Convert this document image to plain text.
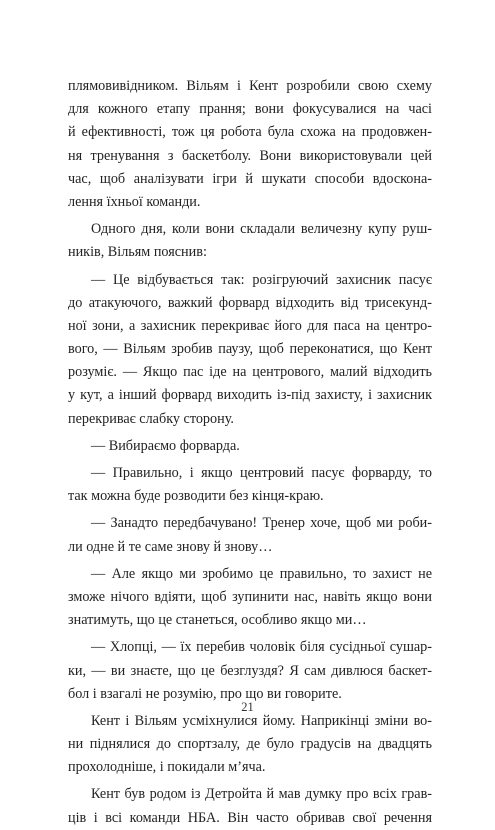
плямовивідником. Вільям і Кент розробили свою схему
для кожного етапу прання; вони фокусувалися на часі
й ефективності, тож ця робота була схожа на продовжен-
ня тренування з баскетболу. Вони використовували цей
час, щоб аналізувати ігри й шукати способи вдоскона-
лення їхньої команди.
Одного дня, коли вони складали величезну купу руш-
ників, Вільям пояснив:
— Це відбувається так: розігруючий захисник пасує
до атакуючого, важкий форвард відходить від трисекунд-
ної зони, а захисник перекриває його для паса на центро-
вого, — Вільям зробив паузу, щоб переконатися, що Кент
розуміє. — Якщо пас іде на центрового, малий відходить
у кут, а інший форвард виходить із-під захисту, і захисник
перекриває слабку сторону.
— Вибираємо форварда.
— Правильно, і якщо центровий пасує форварду, то
так можна буде розводити без кінця-краю.
— Занадто передбачувано! Тренер хоче, щоб ми роби-
ли одне й те саме знову й знову…
— Але якщо ми зробимо це правильно, то захист не
зможе нічого вдіяти, щоб зупинити нас, навіть якщо вони
знатимуть, що це станеться, особливо якщо ми…
— Хлопці, — їх перебив чоловік біля сусідньої сушар-
ки, — ви знаєте, що це безглуздя? Я сам дивлюся баскет-
бол і взагалі не розумію, про що ви говорите.
Кент і Вільям усміхнулися йому. Наприкінці зміни во-
ни піднялися до спортзалу, де було градусів на двадцять
прохолодніше, і покидали м’яча.
Кент був родом із Детройта й мав думку про всіх грав-
ців і всі команди НБА. Він часто обривав свої речення
21
